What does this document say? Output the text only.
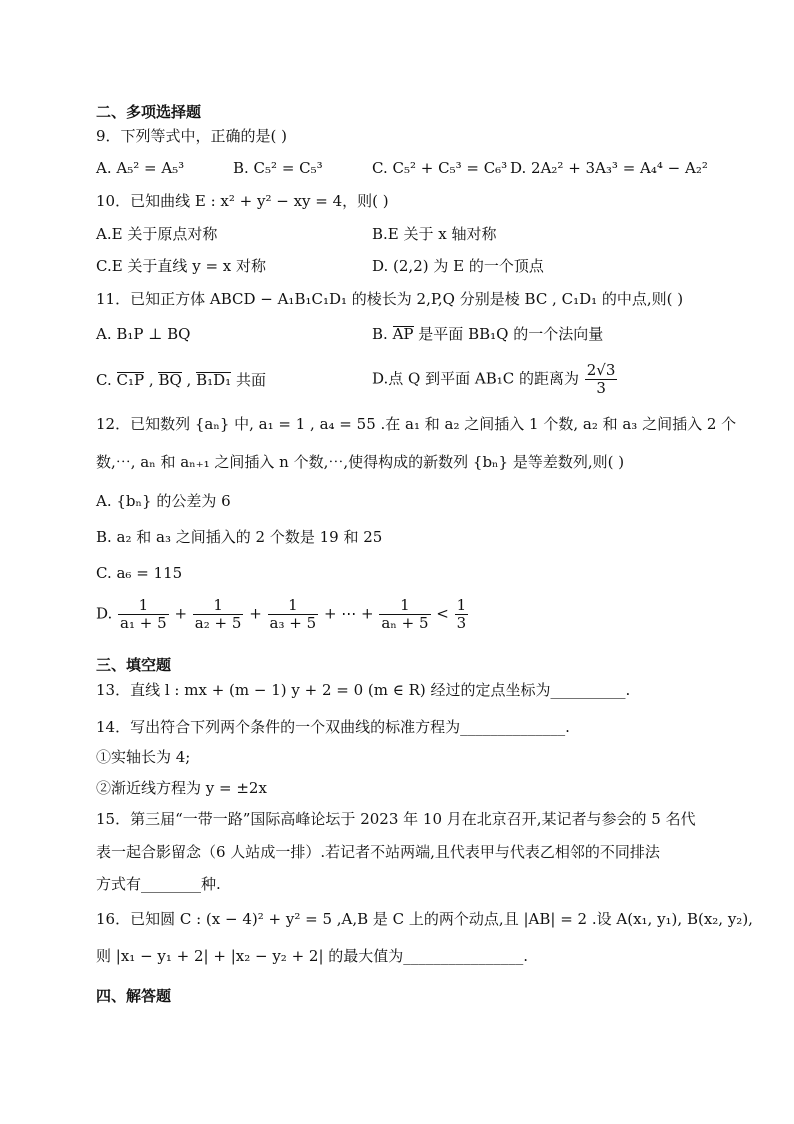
二、多项选择题
9．下列等式中，正确的是( )
A. A₅² = A₅³	B. C₅² = C₅³	C. C₅² + C₅³ = C₆³ D. 2A₂² + 3A₃³ = A₄⁴ − A₂²
10．已知曲线 E : x² + y² − xy = 4，则( )
A.E 关于原点对称	B.E 关于 x 轴对称
C.E 关于直线 y = x 对称	D. (2,2) 为 E 的一个顶点
11．已知正方体 ABCD − A₁B₁C₁D₁ 的棱长为 2,P,Q 分别是棱 BC , C₁D₁ 的中点,则( )
A. B₁P ⊥ BQ	B. AP 是平面 BB₁Q 的一个法向量
C. C₁P , BQ , B₁D₁ 共面	D.点 Q 到平面 AB₁C 的距离为 $\frac{2√3}{3}$
12．已知数列 {aₙ} 中, a₁ = 1 , a₄ = 55 .在 a₁ 和 a₂ 之间插入 1 个数, a₂ 和 a₃ 之间插入 2 个
数,⋯, aₙ 和 aₙ₊₁ 之间插入 n 个数,⋯,使得构成的新数列 {bₙ} 是等差数列,则( )
A. {bₙ} 的公差为 6
B. a₂ 和 a₃ 之间插入的 2 个数是 19 和 25
C. a₆ = 115
D. $\frac{1}{\text{a₁ + 5}} + \frac{1}{\text{a₂ + 5}} + \frac{1}{\text{a₃ + 5}}$ + ⋯ + $\frac{1}{\text{aₙ + 5}} < \frac{1}{3}$
三、填空题
13．直线 l : mx + (m − 1) y + 2 = 0 (m ∈ R) 经过的定点坐标为__________.
14．写出符合下列两个条件的一个双曲线的标准方程为______________.
①实轴长为 4;
②渐近线方程为 y = ±2x
15．第三届“一带一路”国际高峰论坛于 2023 年 10 月在北京召开,某记者与参会的 5 名代
表一起合影留念（6 人站成一排）.若记者不站两端,且代表甲与代表乙相邻的不同排法
方式有________种.
16．已知圆 C : (x − 4)² + y² = 5 ,A,B 是 C 上的两个动点,且 |AB| = 2 .设 A(x₁, y₁), B(x₂, y₂),
则 |x₁ − y₁ + 2| + |x₂ − y₂ + 2| 的最大值为________________.
四、解答题
